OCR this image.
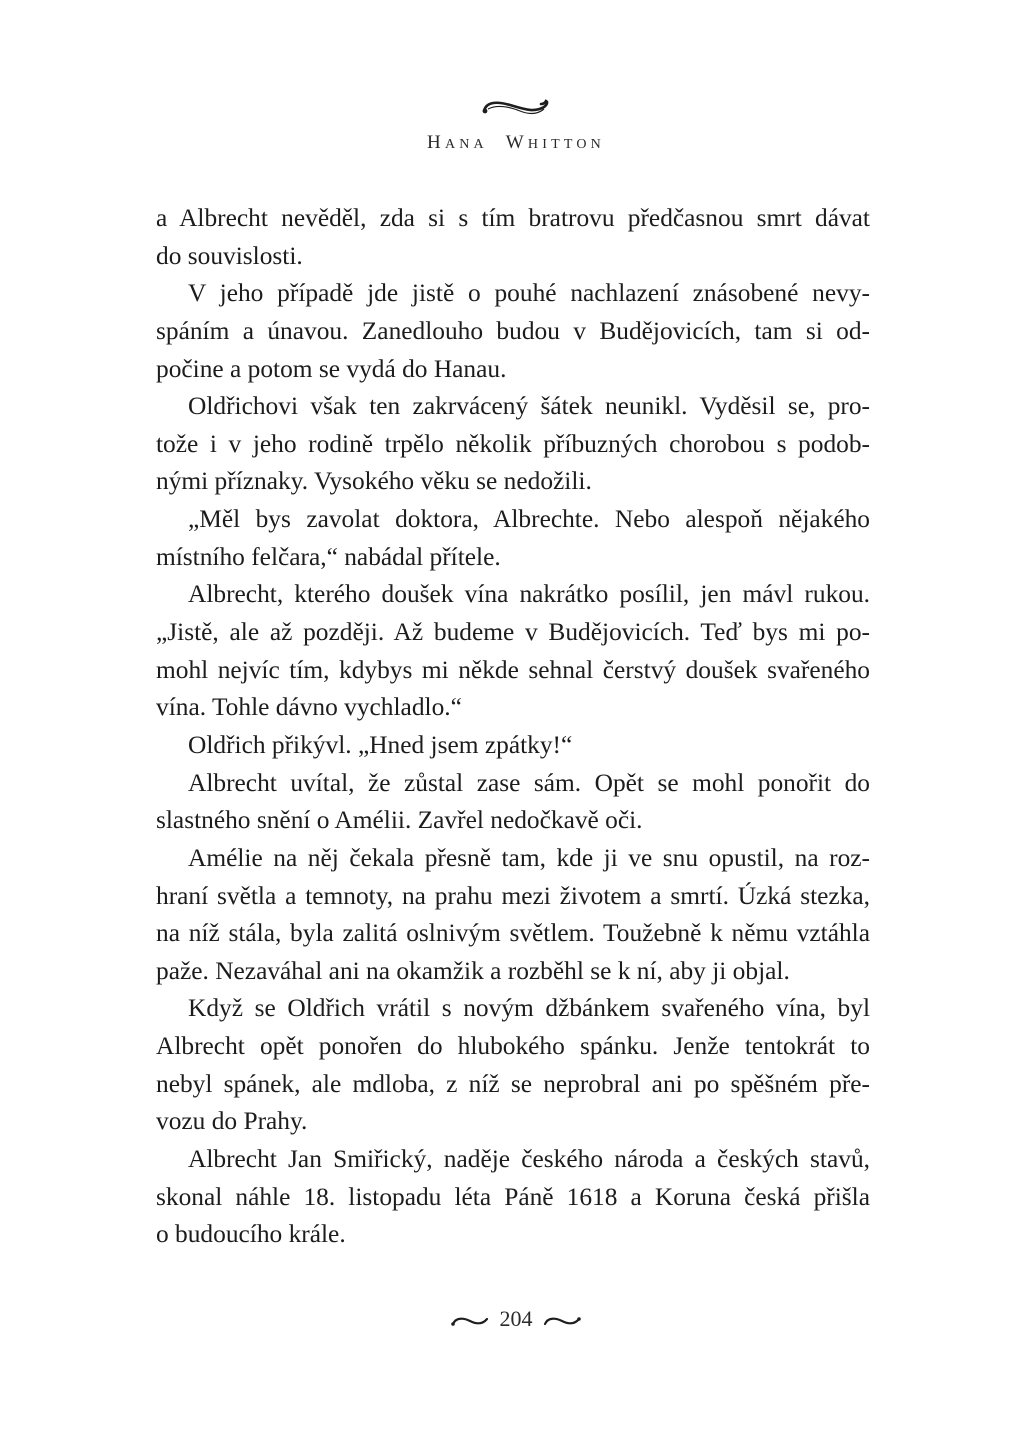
HANA WHITTON
a Albrecht nevěděl, zda si s tím bratrovu předčasnou smrt dávat
do souvislosti.
V jeho případě jde jistě o pouhé nachlazení znásobené nevy-
spáním a únavou. Zanedlouho budou v Budějovicích, tam si od-
počine a potom se vydá do Hanau.
Oldřichovi však ten zakrvácený šátek neunikl. Vyděsil se, pro-
tože i v jeho rodině trpělo několik příbuzných chorobou s podob-
nými příznaky. Vysokého věku se nedožili.
„Měl bys zavolat doktora, Albrechte. Nebo alespoň nějakého
místního felčara,“ nabádal přítele.
Albrecht, kterého doušek vína nakrátko posílil, jen mávl rukou.
„Jistě, ale až později. Až budeme v Budějovicích. Teď bys mi po-
mohl nejvíc tím, kdybys mi někde sehnal čerstvý doušek svařeného
vína. Tohle dávno vychladlo.“
Oldřich přikývl. „Hned jsem zpátky!“
Albrecht uvítal, že zůstal zase sám. Opět se mohl ponořit do
slastného snění o Amélii. Zavřel nedočkavě oči.
Amélie na něj čekala přesně tam, kde ji ve snu opustil, na roz-
hraní světla a temnoty, na prahu mezi životem a smrtí. Úzká stezka,
na níž stála, byla zalitá oslnivým světlem. Toužebně k němu vztáhla
paže. Nezaváhal ani na okamžik a rozběhl se k ní, aby ji objal.
Když se Oldřich vrátil s novým džbánkem svařeného vína, byl
Albrecht opět ponořen do hlubokého spánku. Jenže tentokrát to
nebyl spánek, ale mdloba, z níž se neprobral ani po spěšném pře-
vozu do Prahy.
Albrecht Jan Smiřický, naděje českého národa a českých stavů,
skonal náhle 18. listopadu léta Páně 1618 a Koruna česká přišla
o budoucího krále.
204
